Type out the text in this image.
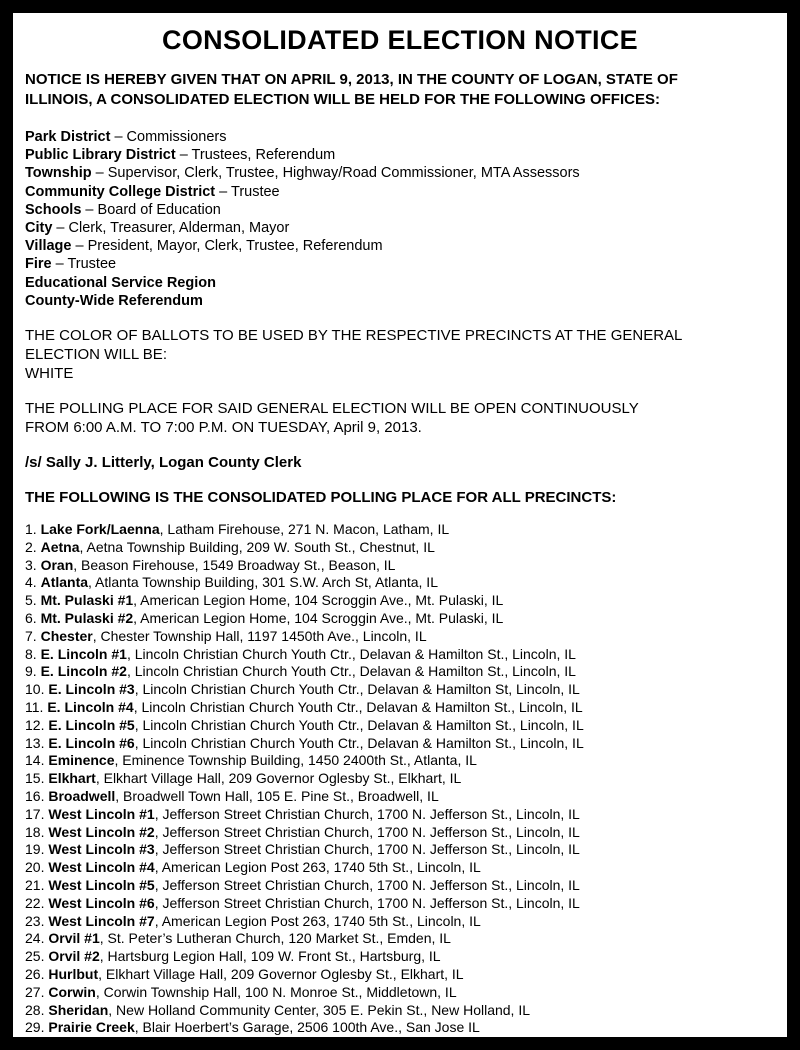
CONSOLIDATED ELECTION NOTICE
NOTICE IS HEREBY GIVEN THAT ON APRIL 9, 2013, IN THE COUNTY OF LOGAN, STATE OF
ILLINOIS, A CONSOLIDATED ELECTION WILL BE HELD FOR THE FOLLOWING OFFICES:
Park District – Commissioners
Public Library District – Trustees, Referendum
Township – Supervisor, Clerk, Trustee, Highway/Road Commissioner, MTA Assessors
Community College District – Trustee
Schools – Board of Education
City – Clerk, Treasurer, Alderman, Mayor
Village – President, Mayor, Clerk, Trustee, Referendum
Fire – Trustee
Educational Service Region
County-Wide Referendum
THE COLOR OF BALLOTS TO BE USED BY THE RESPECTIVE PRECINCTS AT THE GENERAL
ELECTION WILL BE:
WHITE
THE POLLING PLACE FOR SAID GENERAL ELECTION WILL BE OPEN CONTINUOUSLY
FROM 6:00 A.M. TO 7:00 P.M. ON TUESDAY, April 9, 2013.
/s/ Sally J. Litterly, Logan County Clerk
THE FOLLOWING IS THE CONSOLIDATED POLLING PLACE FOR ALL PRECINCTS:
1. Lake Fork/Laenna, Latham Firehouse, 271 N. Macon, Latham, IL
2. Aetna, Aetna Township Building, 209 W. South St., Chestnut, IL
3. Oran, Beason Firehouse, 1549 Broadway St., Beason, IL
4. Atlanta, Atlanta Township Building, 301 S.W. Arch St, Atlanta, IL
5. Mt. Pulaski #1, American Legion Home, 104 Scroggin Ave., Mt. Pulaski, IL
6. Mt. Pulaski #2, American Legion Home, 104 Scroggin Ave., Mt. Pulaski, IL
7. Chester, Chester Township Hall, 1197 1450th Ave., Lincoln, IL
8. E. Lincoln #1, Lincoln Christian Church Youth Ctr., Delavan & Hamilton St., Lincoln, IL
9. E. Lincoln #2, Lincoln Christian Church Youth Ctr., Delavan & Hamilton St., Lincoln, IL
10. E. Lincoln #3, Lincoln Christian Church Youth Ctr., Delavan & Hamilton St, Lincoln, IL
11. E. Lincoln #4, Lincoln Christian Church Youth Ctr., Delavan & Hamilton St., Lincoln, IL
12. E. Lincoln #5, Lincoln Christian Church Youth Ctr., Delavan & Hamilton St., Lincoln, IL
13. E. Lincoln #6, Lincoln Christian Church Youth Ctr., Delavan & Hamilton St., Lincoln, IL
14. Eminence, Eminence Township Building, 1450 2400th St., Atlanta, IL
15. Elkhart, Elkhart Village Hall, 209 Governor Oglesby St., Elkhart, IL
16. Broadwell, Broadwell Town Hall, 105 E. Pine St., Broadwell, IL
17. West Lincoln #1, Jefferson Street Christian Church, 1700 N. Jefferson St., Lincoln, IL
18. West Lincoln #2, Jefferson Street Christian Church, 1700 N. Jefferson St., Lincoln, IL
19. West Lincoln #3, Jefferson Street Christian Church, 1700 N. Jefferson St., Lincoln, IL
20. West Lincoln #4, American Legion Post 263, 1740 5th St., Lincoln, IL
21. West Lincoln #5, Jefferson Street Christian Church, 1700 N. Jefferson St., Lincoln, IL
22. West Lincoln #6, Jefferson Street Christian Church, 1700 N. Jefferson St., Lincoln, IL
23. West Lincoln #7, American Legion Post 263, 1740 5th St., Lincoln, IL
24. Orvil #1, St. Peter’s Lutheran Church, 120 Market St., Emden, IL
25. Orvil #2, Hartsburg Legion Hall, 109 W. Front St., Hartsburg, IL
26. Hurlbut, Elkhart Village Hall, 209 Governor Oglesby St., Elkhart, IL
27. Corwin, Corwin Township Hall, 100 N. Monroe St., Middletown, IL
28. Sheridan, New Holland Community Center, 305 E. Pekin St., New Holland, IL
29. Prairie Creek, Blair Hoerbert’s Garage, 2506 100th Ave., San Jose IL
